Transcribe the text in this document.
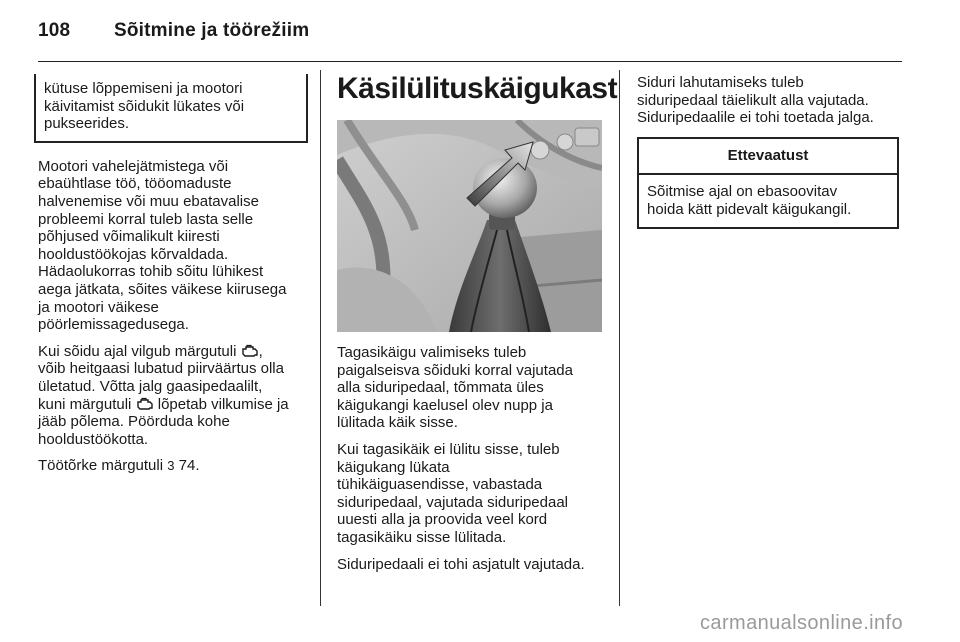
108 Sõitmine ja töörežiim
kütuse lõppemiseni ja mootori
käivitamist sõidukit lükates või
pukseerides.

Mootori vahelejätmistega või
ebaühtlase töö, tööomaduste
halvenemise või muu ebatavalise
probleemi korral tuleb lasta selle
põhjused võimalikult kiiresti
hooldustöökojas kõrvaldada.
Hädaolukorras tohib sõitu lühikest
aega jätkata, sõites väikese kiirusega
ja mootori väikese
pöörlemissagedusega.

Kui sõidu ajal vilgub märgutuli ,
võib heitgaasi lubatud piirväärtus olla
ületatud. Võtta jalg gaasipedaalilt,
kuni märgutuli lõpetab vilkumise ja
jääb põlema. Pöörduda kohe
hooldustöökotta.

Töötõrke märgutuli 3 74.

Käsilülituskäigukast

Tagasikäigu valimiseks tuleb
paigalseisva sõiduki korral vajutada
alla siduripedaal, tõmmata üles
käigukangi kaelusel olev nupp ja
lülitada käik sisse.

Kui tagasikäik ei lülitu sisse, tuleb
käigukang lükata
tühikäiguasendisse, vabastada
siduripedaal, vajutada siduripedaal
uuesti alla ja proovida veel kord
tagasikäiku sisse lülitada.

Siduripedaali ei tohi asjatult vajutada.

Siduri lahutamiseks tuleb
siduripedaal täielikult alla vajutada.
Siduripedaalile ei tohi toetada jalga.

Ettevaatust
Sõitmise ajal on ebasoovitav
hoida kätt pidevalt käigukangil.
carmanualsonline.info
